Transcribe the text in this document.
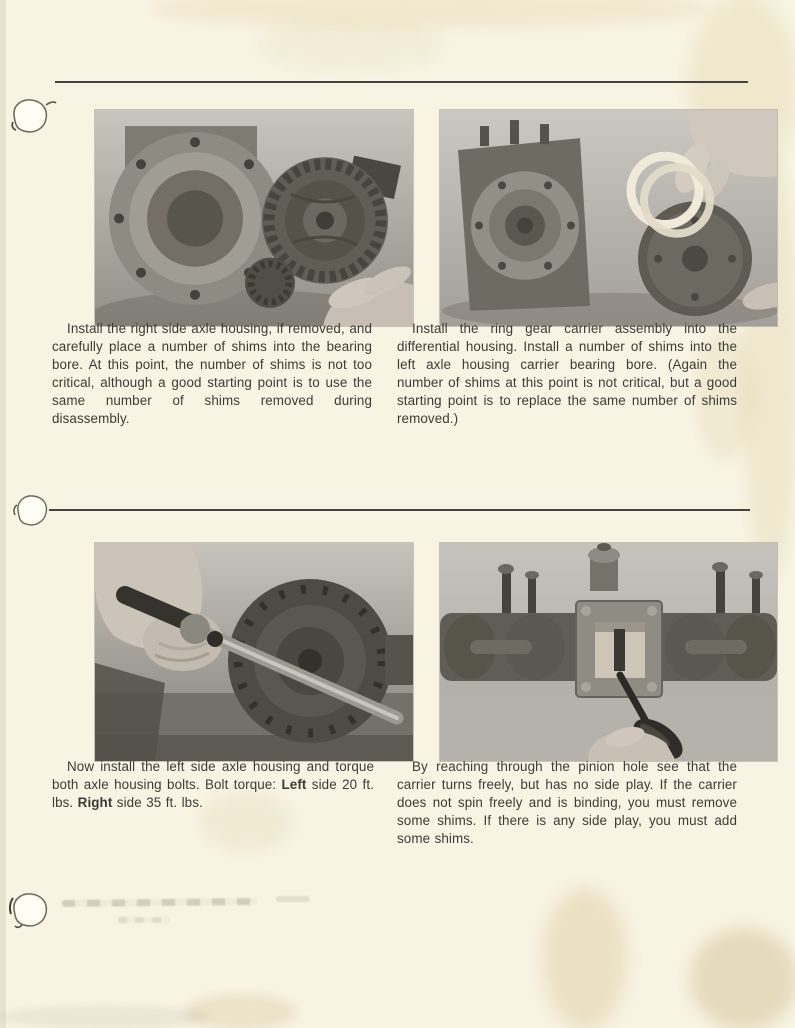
Install the right side axle housing, if removed, and carefully place a number of shims into the bearing bore. At this point, the number of shims is not too critical, although a good starting point is to use the same number of shims removed during disassembly.

Install the ring gear carrier assembly into the differential housing. Install a number of shims into the left axle housing carrier bearing bore. (Again the number of shims at this point is not critical, but a good starting point is to replace the same number of shims removed.)

Now install the left side axle housing and torque both axle housing bolts. Bolt torque: Left side 20 ft. lbs. Right side 35 ft. lbs.

By reaching through the pinion hole see that the carrier turns freely, but has no side play. If the carrier does not spin freely and is binding, you must remove some shims. If there is any side play, you must add some shims.
